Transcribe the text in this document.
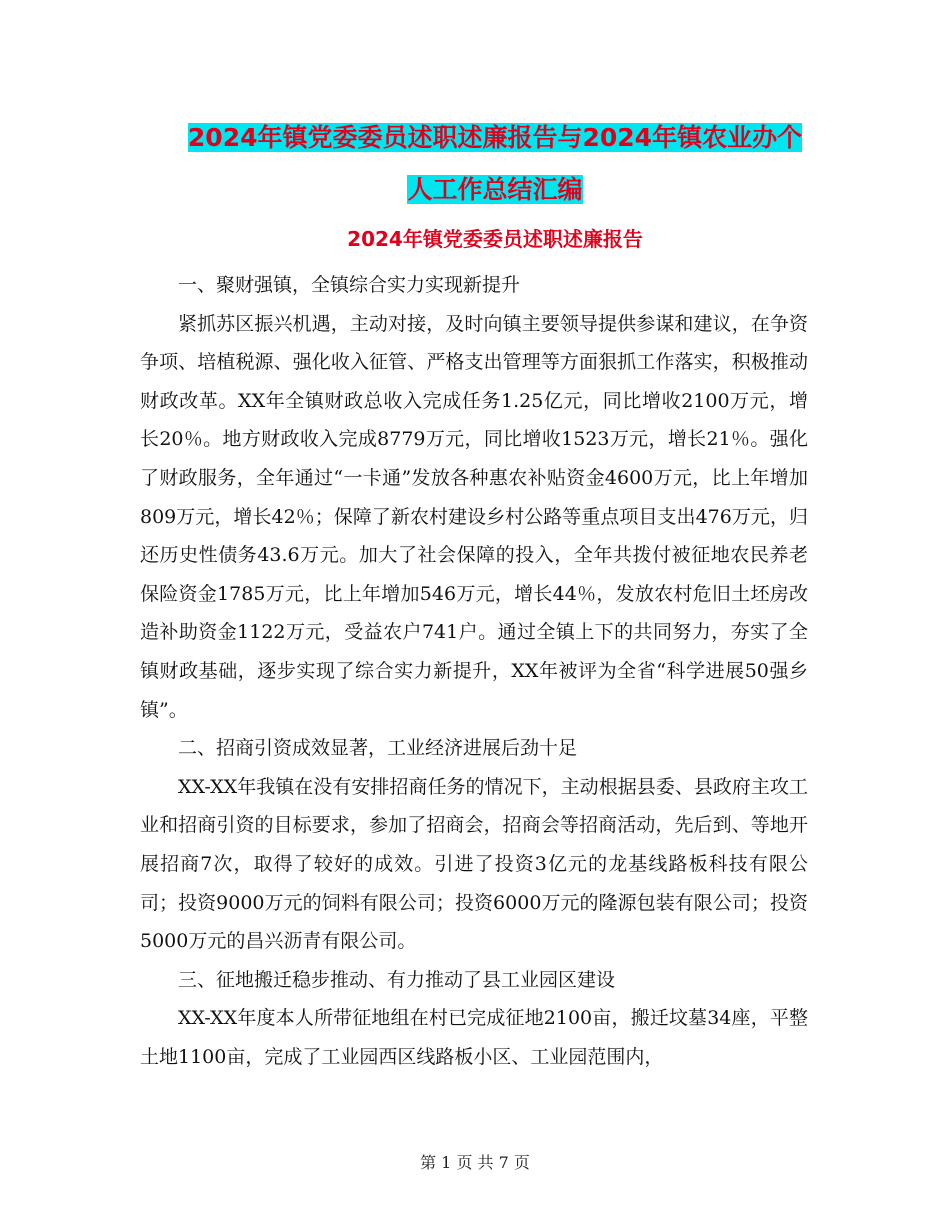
2024年镇党委委员述职述廉报告与2024年镇农业办个
人工作总结汇编
2024年镇党委委员述职述廉报告

一、聚财强镇，全镇综合实力实现新提升

紧抓苏区振兴机遇，主动对接，及时向镇主要领导提供参谋和建议，在争资争项、培植税源、强化收入征管、严格支出管理等方面狠抓工作落实，积极推动财政改革。XX年全镇财政总收入完成任务1.25亿元，同比增收2100万元，增长20％。地方财政收入完成8779万元，同比增收1523万元，增长21％。强化了财政服务，全年通过“一卡通”发放各种惠农补贴资金4600万元，比上年增加809万元，增长42％；保障了新农村建设乡村公路等重点项目支出476万元，归还历史性债务43.6万元。加大了社会保障的投入，全年共拨付被征地农民养老保险资金1785万元，比上年增加546万元，增长44％，发放农村危旧土坯房改造补助资金1122万元，受益农户741户。通过全镇上下的共同努力，夯实了全镇财政基础，逐步实现了综合实力新提升，XX年被评为全省“科学进展50强乡镇”。

二、招商引资成效显著，工业经济进展后劲十足

XX-XX年我镇在没有安排招商任务的情况下，主动根据县委、县政府主攻工业和招商引资的目标要求，参加了招商会，招商会等招商活动，先后到、等地开展招商7次，取得了较好的成效。引进了投资3亿元的龙基线路板科技有限公司；投资9000万元的饲料有限公司；投资6000万元的隆源包装有限公司；投资5000万元的昌兴沥青有限公司。

三、征地搬迁稳步推动、有力推动了县工业园区建设

XX-XX年度本人所带征地组在村已完成征地2100亩，搬迁坟墓34座，平整土地1100亩，完成了工业园西区线路板小区、工业园范围内，

第 1 页 共 7 页
